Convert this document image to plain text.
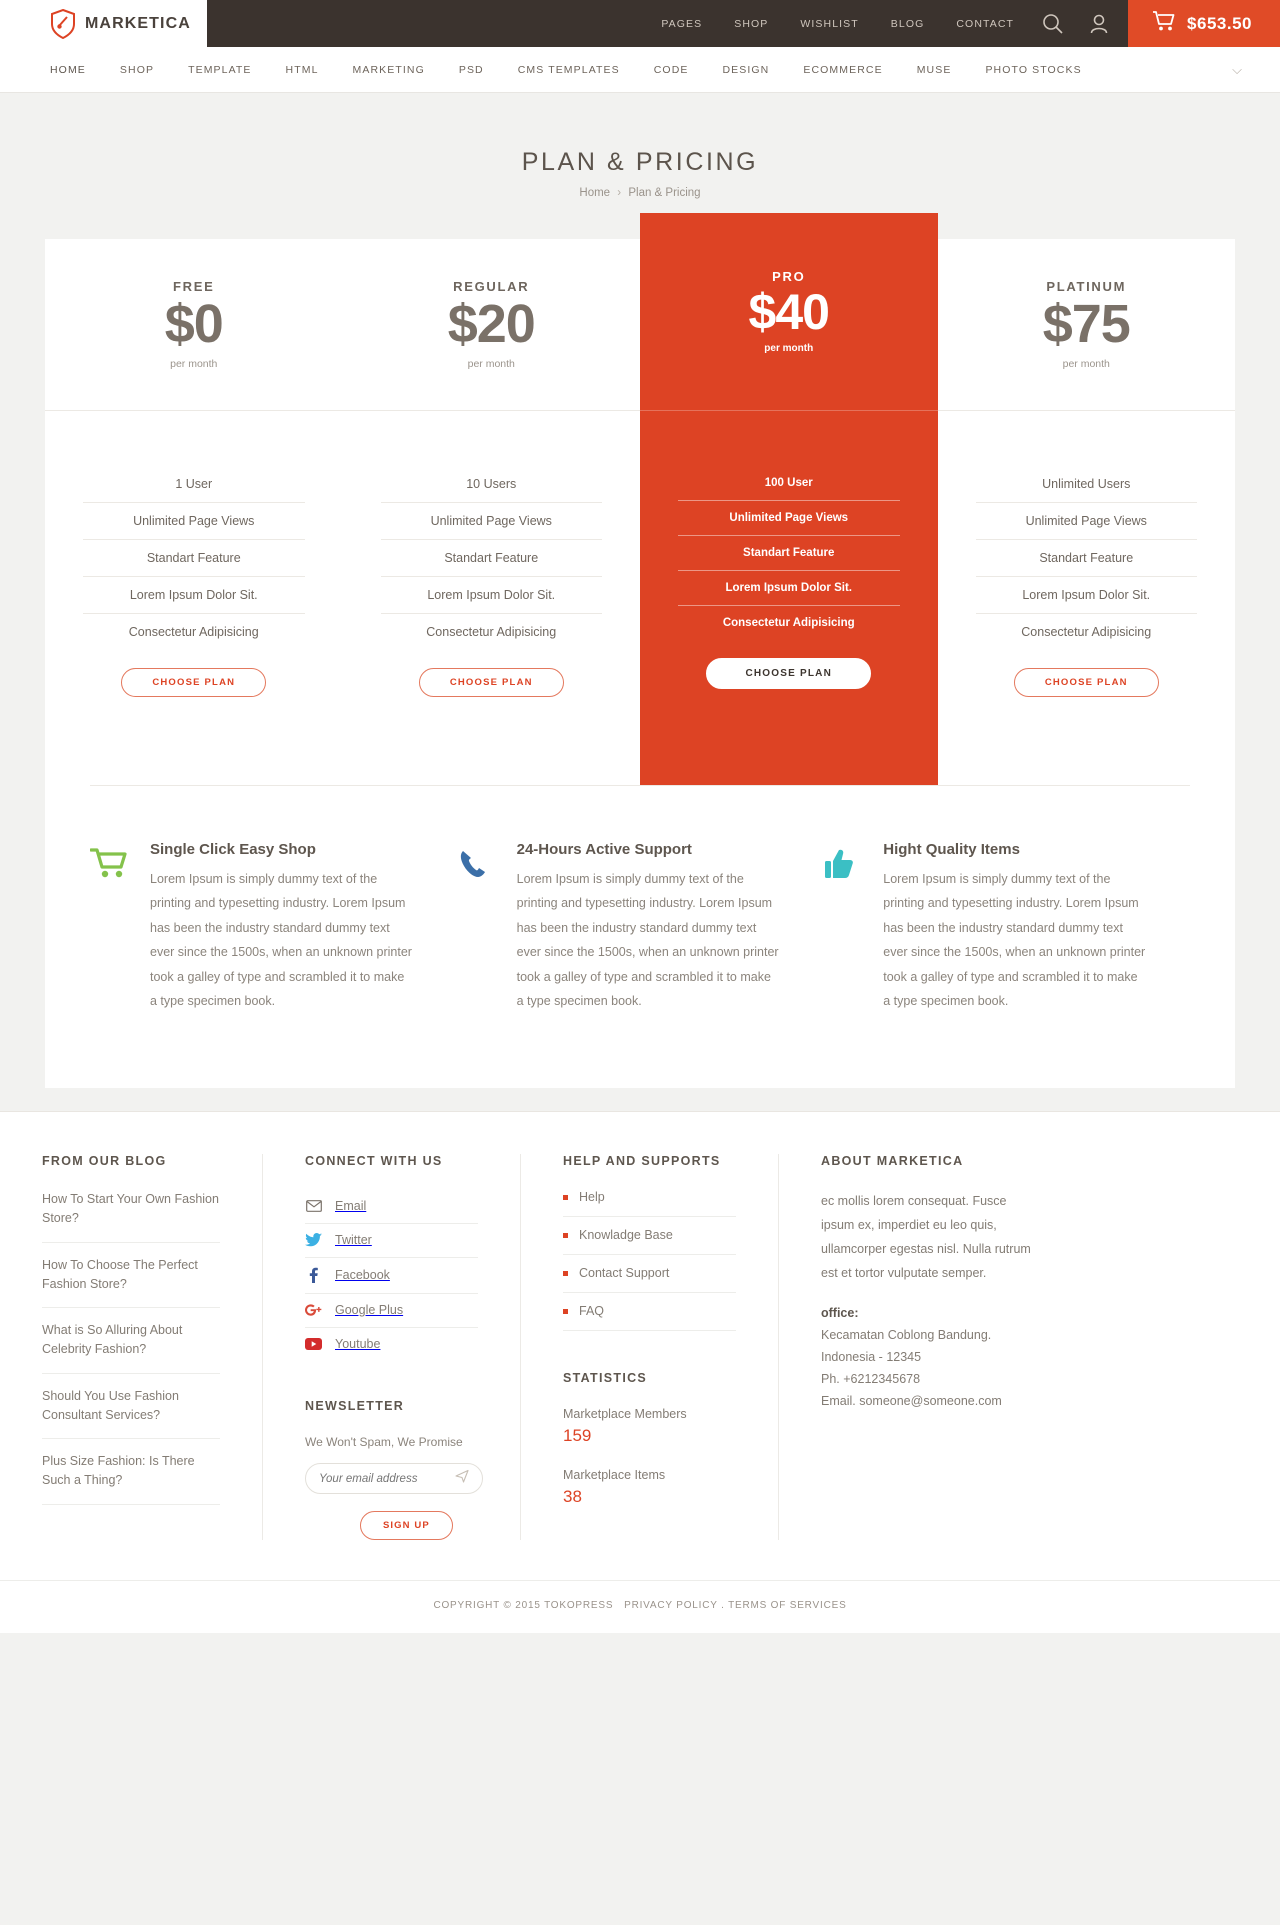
MARKETICA	PAGES	SHOP	WISHLIST	BLOG	CONTACT	$653.50
HOME	SHOP	TEMPLATE	HTML	MARKETING	PSD	CMS TEMPLATES	CODE	DESIGN	ECOMMERCE	MUSE	PHOTO STOCKS	⌵
PLAN & PRICING
Home › Plan & Pricing
FREE
$0
per month
1 User
Unlimited Page Views
Standart Feature
Lorem Ipsum Dolor Sit.
Consectetur Adipisicing
CHOOSE PLAN
REGULAR
$20
per month
10 Users
Unlimited Page Views
Standart Feature
Lorem Ipsum Dolor Sit.
Consectetur Adipisicing
CHOOSE PLAN
PRO
$40
per month
100 User
Unlimited Page Views
Standart Feature
Lorem Ipsum Dolor Sit.
Consectetur Adipisicing
CHOOSE PLAN
PLATINUM
$75
per month
Unlimited Users
Unlimited Page Views
Standart Feature
Lorem Ipsum Dolor Sit.
Consectetur Adipisicing
CHOOSE PLAN
Single Click Easy Shop

Lorem Ipsum is simply dummy text of the printing and typesetting industry. Lorem Ipsum has been the industry standard dummy text ever since the 1500s, when an unknown printer took a galley of type and scrambled it to make a type specimen book.

24-Hours Active Support

Lorem Ipsum is simply dummy text of the printing and typesetting industry. Lorem Ipsum has been the industry standard dummy text ever since the 1500s, when an unknown printer took a galley of type and scrambled it to make a type specimen book.

Hight Quality Items

Lorem Ipsum is simply dummy text of the printing and typesetting industry. Lorem Ipsum has been the industry standard dummy text ever since the 1500s, when an unknown printer took a galley of type and scrambled it to make a type specimen book.

FROM OUR BLOG
How To Start Your Own Fashion Store?
How To Choose The Perfect Fashion Store?
What is So Alluring About Celebrity Fashion?
Should You Use Fashion Consultant Services?
Plus Size Fashion: Is There Such a Thing?
CONNECT WITH US
Email
Twitter
Facebook
Google Plus
Youtube
NEWSLETTER
We Won't Spam, We Promise
Your email address
SIGN UP
HELP AND SUPPORTS
Help
Knowladge Base
Contact Support
FAQ
STATISTICS
Marketplace Members
159
Marketplace Items
38
ABOUT MARKETICA

ec mollis lorem consequat. Fusce ipsum ex, imperdiet eu leo quis, ullamcorper egestas nisl. Nulla rutrum est et tortor vulputate semper.

office:
Kecamatan Coblong Bandung.
Indonesia - 12345
Ph. +6212345678
Email. someone@someone.com
COPYRIGHT © 2015 TOKOPRESS PRIVACY POLICY . TERMS OF SERVICES
